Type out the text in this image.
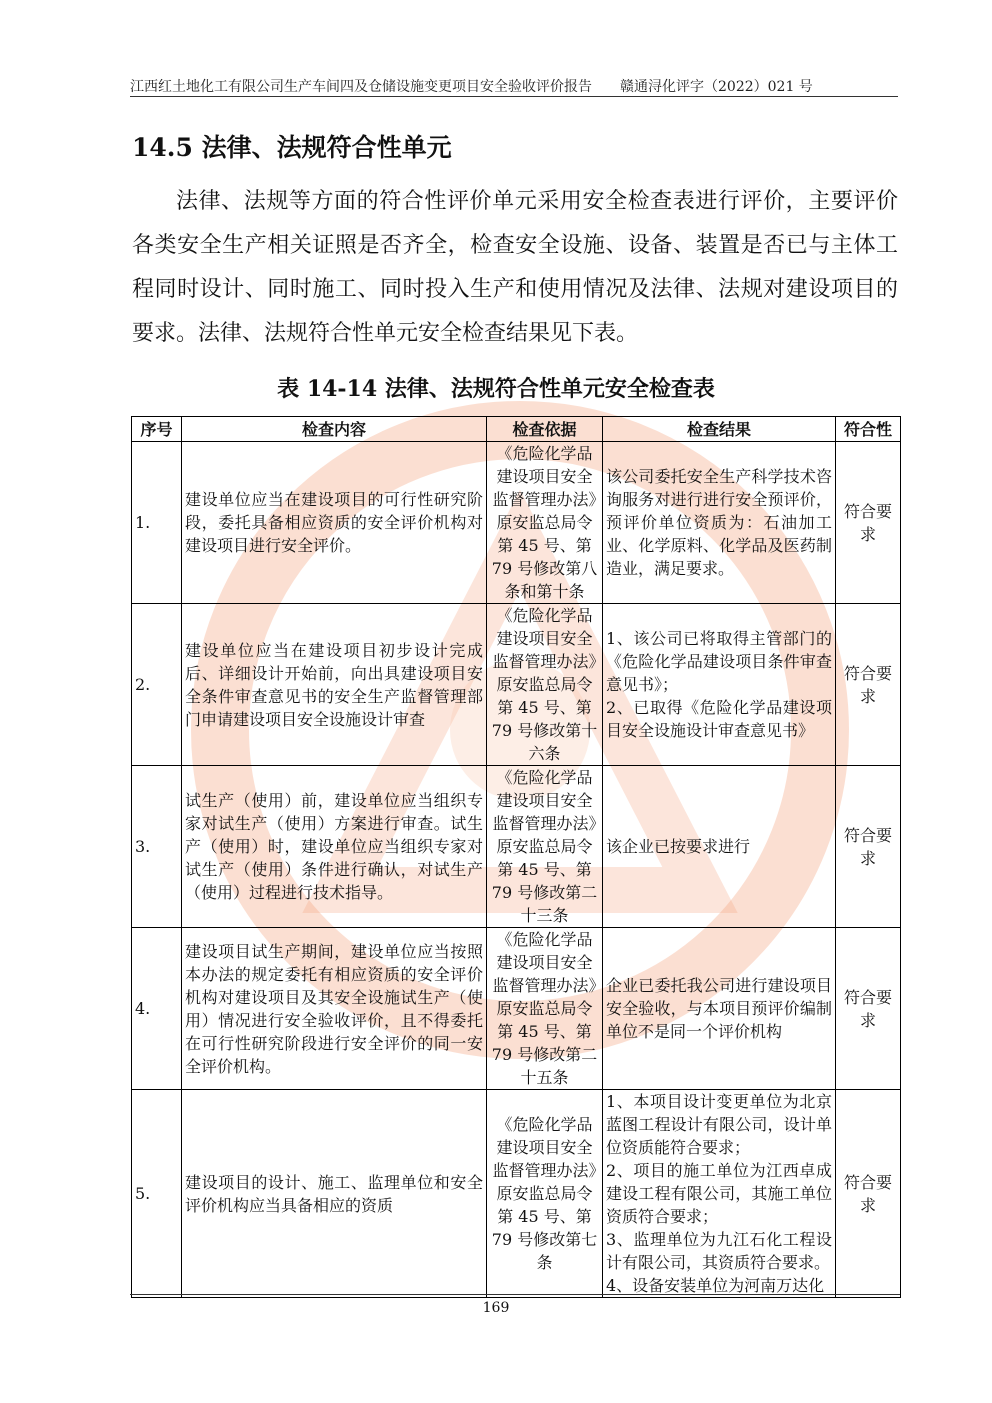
江西红土地化工有限公司生产车间四及仓储设施变更项目安全验收评价报告 赣通浔化评字（2022）021 号
14.5 法律、法规符合性单元

法律、法规等方面的符合性评价单元采用安全检查表进行评价，主要评价各类安全生产相关证照是否齐全，检查安全设施、设备、装置是否已与主体工程同时设计、同时施工、同时投入生产和使用情况及法律、法规对建设项目的要求。法律、法规符合性单元安全检查结果见下表。

表 14-14 法律、法规符合性单元安全检查表
序号	检查内容	检查依据	检查结果	符合性
1.	建设单位应当在建设项目的可行性研究阶段，委托具备相应资质的安全评价机构对建设项目进行安全评价。	《危险化学品建设项目安全监督管理办法》原安监总局令第 45 号、第 79 号修改第八条和第十条	该公司委托安全生产科学技术咨询服务对进行进行安全预评价，预评价单位资质为：石油加工业、化学原料、化学品及医药制造业，满足要求。	符合要求
2.	建设单位应当在建设项目初步设计完成后、详细设计开始前，向出具建设项目安全条件审查意见书的安全生产监督管理部门申请建设项目安全设施设计审查	《危险化学品建设项目安全监督管理办法》原安监总局令第 45 号、第 79 号修改第十六条	1、该公司已将取得主管部门的《危险化学品建设项目条件审查意见书》；
2、已取得《危险化学品建设项目安全设施设计审查意见书》	符合要求
3.	试生产（使用）前，建设单位应当组织专家对试生产（使用）方案进行审查。试生产（使用）时，建设单位应当组织专家对试生产（使用）条件进行确认，对试生产（使用）过程进行技术指导。	《危险化学品建设项目安全监督管理办法》原安监总局令第 45 号、第 79 号修改第二十三条	该企业已按要求进行	符合要求
4.	建设项目试生产期间，建设单位应当按照本办法的规定委托有相应资质的安全评价机构对建设项目及其安全设施试生产（使用）情况进行安全验收评价，且不得委托在可行性研究阶段进行安全评价的同一安全评价机构。	《危险化学品建设项目安全监督管理办法》原安监总局令第 45 号、第 79 号修改第二十五条	企业已委托我公司进行建设项目安全验收，与本项目预评价编制单位不是同一个评价机构	符合要求
5.	建设项目的设计、施工、监理单位和安全评价机构应当具备相应的资质	《危险化学品建设项目安全监督管理办法》原安监总局令第 45 号、第 79 号修改第七条	1、本项目设计变更单位为北京蓝图工程设计有限公司，设计单位资质能符合要求；
2、项目的施工单位为江西卓成建设工程有限公司，其施工单位资质符合要求；
3、监理单位为九江石化工程设计有限公司，其资质符合要求。
4、设备安装单位为河南万达化	符合要求
169
